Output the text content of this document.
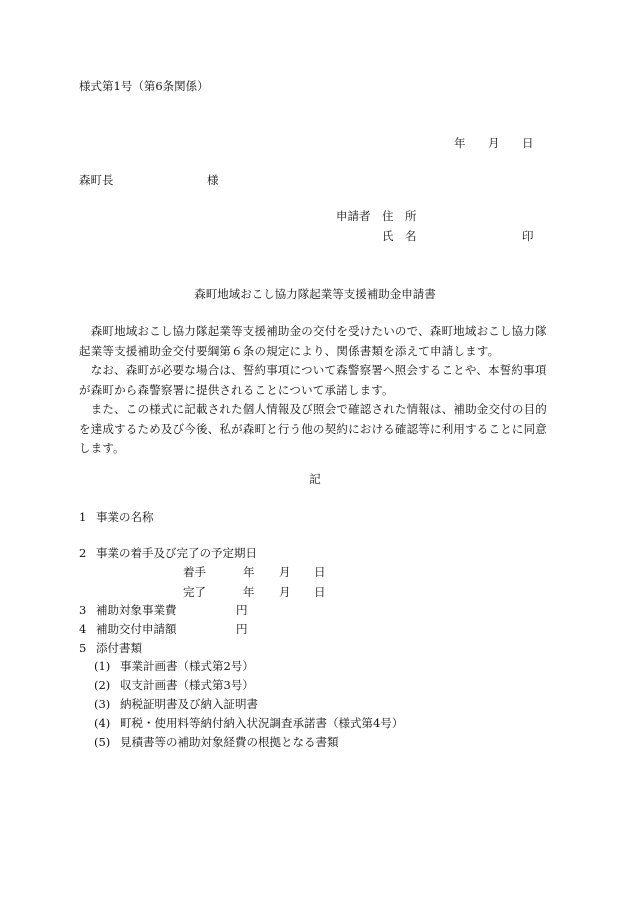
様式第1号（第6条関係）
年 月 日
森町長	様
申請者 住　所
氏　名	印
森町地域おこし協力隊起業等支援補助金申請書
　森町地域おこし協力隊起業等支援補助金の交付を受けたいので、森町地域おこし協力隊起業等支援補助金交付要綱第６条の規定により、関係書類を添えて申請します。
　なお、森町が必要な場合は、誓約事項について森警察署へ照会することや、本誓約事項が森町から森警察署に提供されることについて承諾します。
　また、この様式に記載された個人情報及び照会で確認された情報は、補助金交付の目的を達成するため及び今後、私が森町と行う他の契約における確認等に利用することに同意します。
記
1 事業の名称
2 事業の着手及び完了の予定期日
着手	年 月 日
完了	年 月 日
3 補助対象事業費	円
4 補助交付申請額	円
5 添付書類
(1) 事業計画書（様式第2号）
(2) 収支計画書（様式第3号）
(3) 納税証明書及び納入証明書
(4) 町税・使用料等納付納入状況調査承諾書（様式第4号）
(5) 見積書等の補助対象経費の根拠となる書類
